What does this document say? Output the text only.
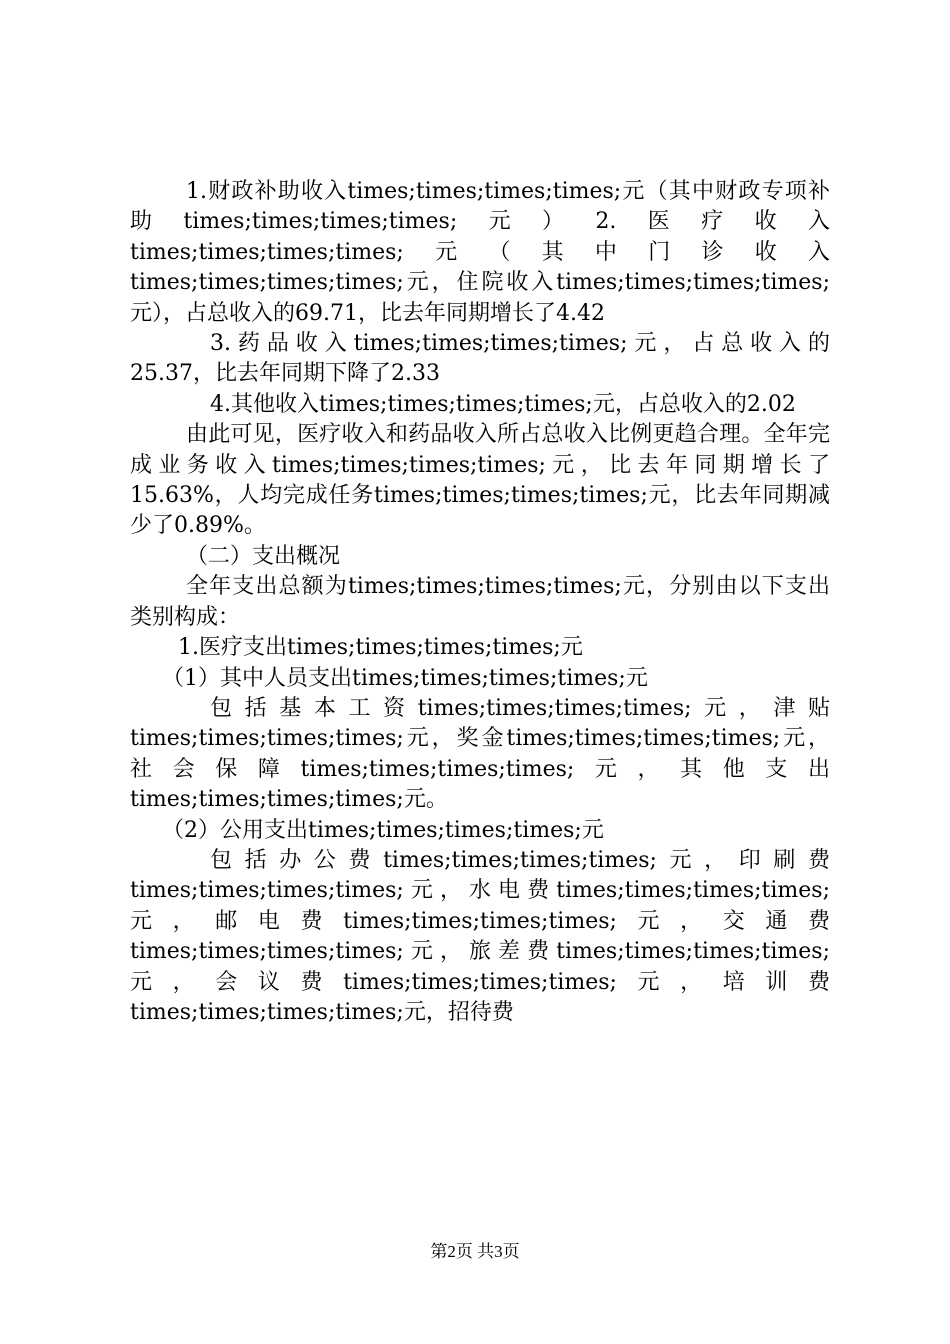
1.财政补助收入times;times;times;times;元（其中财政专项补助times;times;times;times;元）2.医疗收入times;times;times;times;元（其中门诊收入times;times;times;times;元，住院收入times;times;times;times;元），占总收入的69.71，比去年同期增长了4.42

3.药品收入times;times;times;times;元，占总收入的25.37，比去年同期下降了2.33

4.其他收入times;times;times;times;元，占总收入的2.02

由此可见，医疗收入和药品收入所占总收入比例更趋合理。全年完成业务收入times;times;times;times;元，比去年同期增长了15.63%，人均完成任务times;times;times;times;元，比去年同期减少了0.89%。

（二）支出概况

全年支出总额为times;times;times;times;元，分别由以下支出类别构成：

1.医疗支出times;times;times;times;元

（1）其中人员支出times;times;times;times;元

包括基本工资times;times;times;times;元，津贴times;times;times;times;元，奖金times;times;times;times;元，社会保障times;times;times;times;元，其他支出times;times;times;times;元。

（2）公用支出times;times;times;times;元

包括办公费times;times;times;times;元，印刷费times;times;times;times;元，水电费times;times;times;times;元，邮电费times;times;times;times;元，交通费times;times;times;times;元，旅差费times;times;times;times;元，会议费times;times;times;times;元，培训费times;times;times;times;元，招待费

第2页 共3页
